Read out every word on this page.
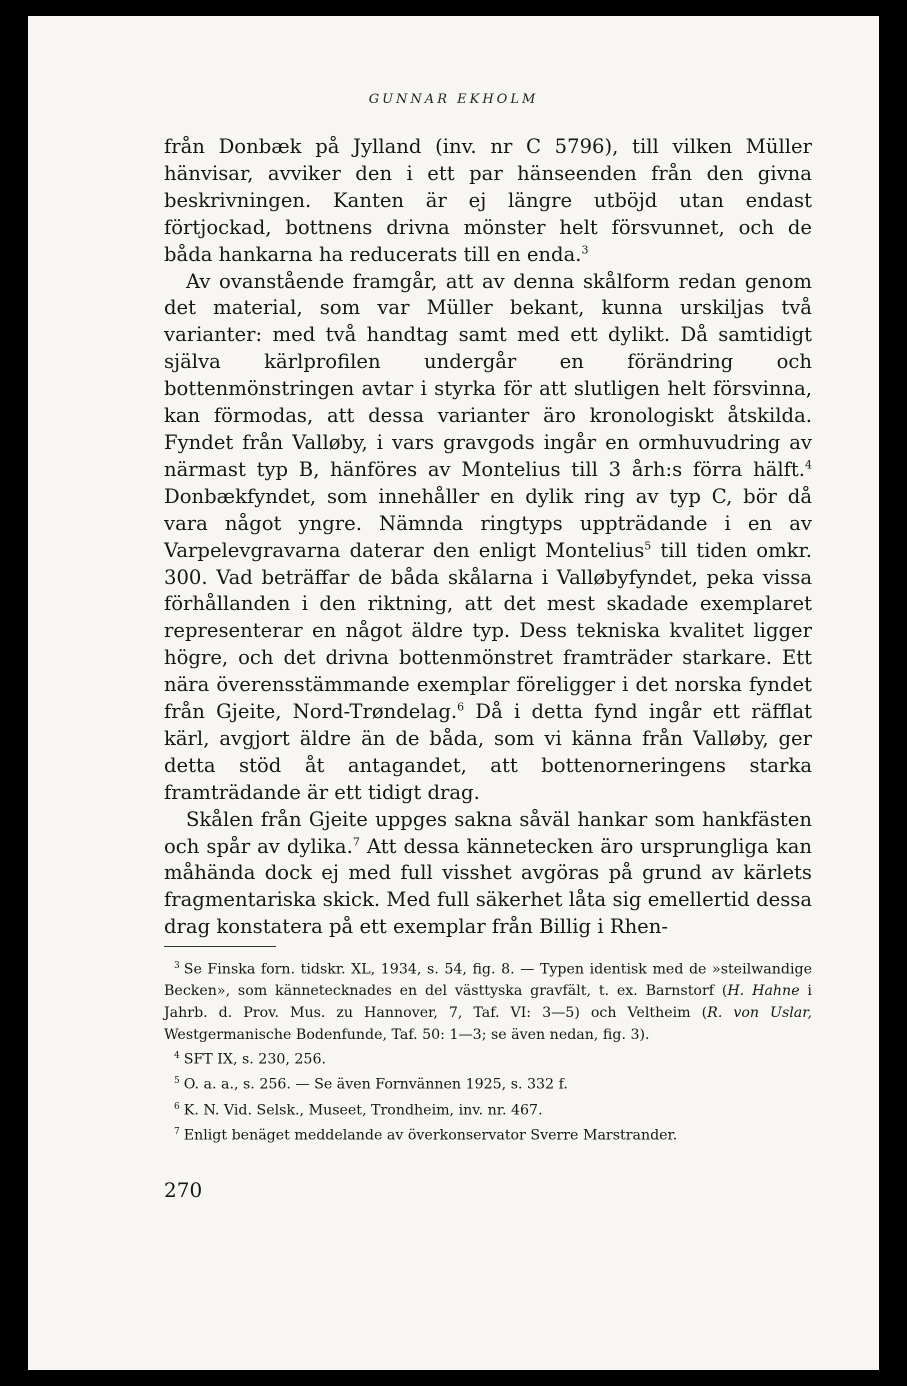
GUNNAR EKHOLM

från Donbæk på Jylland (inv. nr C 5796), till vilken Müller hänvisar, avviker den i ett par hänseenden från den givna beskrivningen. Kanten är ej längre utböjd utan endast förtjockad, bottnens drivna mönster helt försvunnet, och de båda hankarna ha reducerats till en enda.$^3$

Av ovanstående framgår, att av denna skålform redan genom det material, som var Müller bekant, kunna urskiljas två varianter: med två handtag samt med ett dylikt. Då samtidigt själva kärlprofilen undergår en förändring och bottenmönstringen avtar i styrka för att slutligen helt försvinna, kan förmodas, att dessa varianter äro kronologiskt åtskilda. Fyndet från Valløby, i vars gravgods ingår en ormhuvudring av närmast typ B, hänföres av Montelius till 3 årh:s förra hälft.$^4$ Donbækfyndet, som innehåller en dylik ring av typ C, bör då vara något yngre. Nämnda ringtyps uppträdande i en av Varpelevgravarna daterar den enligt Montelius$^5$ till tiden omkr. 300. Vad beträffar de båda skålarna i Valløbyfyndet, peka vissa förhållanden i den riktning, att det mest skadade exemplaret representerar en något äldre typ. Dess tekniska kvalitet ligger högre, och det drivna bottenmönstret framträder starkare. Ett nära överensstämmande exemplar föreligger i det norska fyndet från Gjeite, Nord-Trøndelag.$^6$ Då i detta fynd ingår ett räfflat kärl, avgjort äldre än de båda, som vi känna från Valløby, ger detta stöd åt antagandet, att bottenorneringens starka framträdande är ett tidigt drag.

Skålen från Gjeite uppges sakna såväl hankar som hankfästen och spår av dylika.$^7$ Att dessa kännetecken äro ursprungliga kan måhända dock ej med full visshet avgöras på grund av kärlets fragmentariska skick. Med full säkerhet låta sig emellertid dessa drag konstatera på ett exemplar från Billig i Rhen-

$^3$ Se Finska forn. tidskr. XL, 1934, s. 54, fig. 8. — Typen identisk med de »steilwandige Becken», som kännetecknades en del västtyska gravfält, t. ex. Barnstorf (H. Hahne i Jahrb. d. Prov. Mus. zu Hannover, 7, Taf. VI: 3—5) och Veltheim (R. von Uslar, Westgermanische Bodenfunde, Taf. 50: 1—3; se även nedan, fig. 3).

$^4$ SFT IX, s. 230, 256.

$^5$ O. a. a., s. 256. — Se även Fornvännen 1925, s. 332 f.

$^6$ K. N. Vid. Selsk., Museet, Trondheim, inv. nr. 467.

$^7$ Enligt benäget meddelande av överkonservator Sverre Marstrander.

270
